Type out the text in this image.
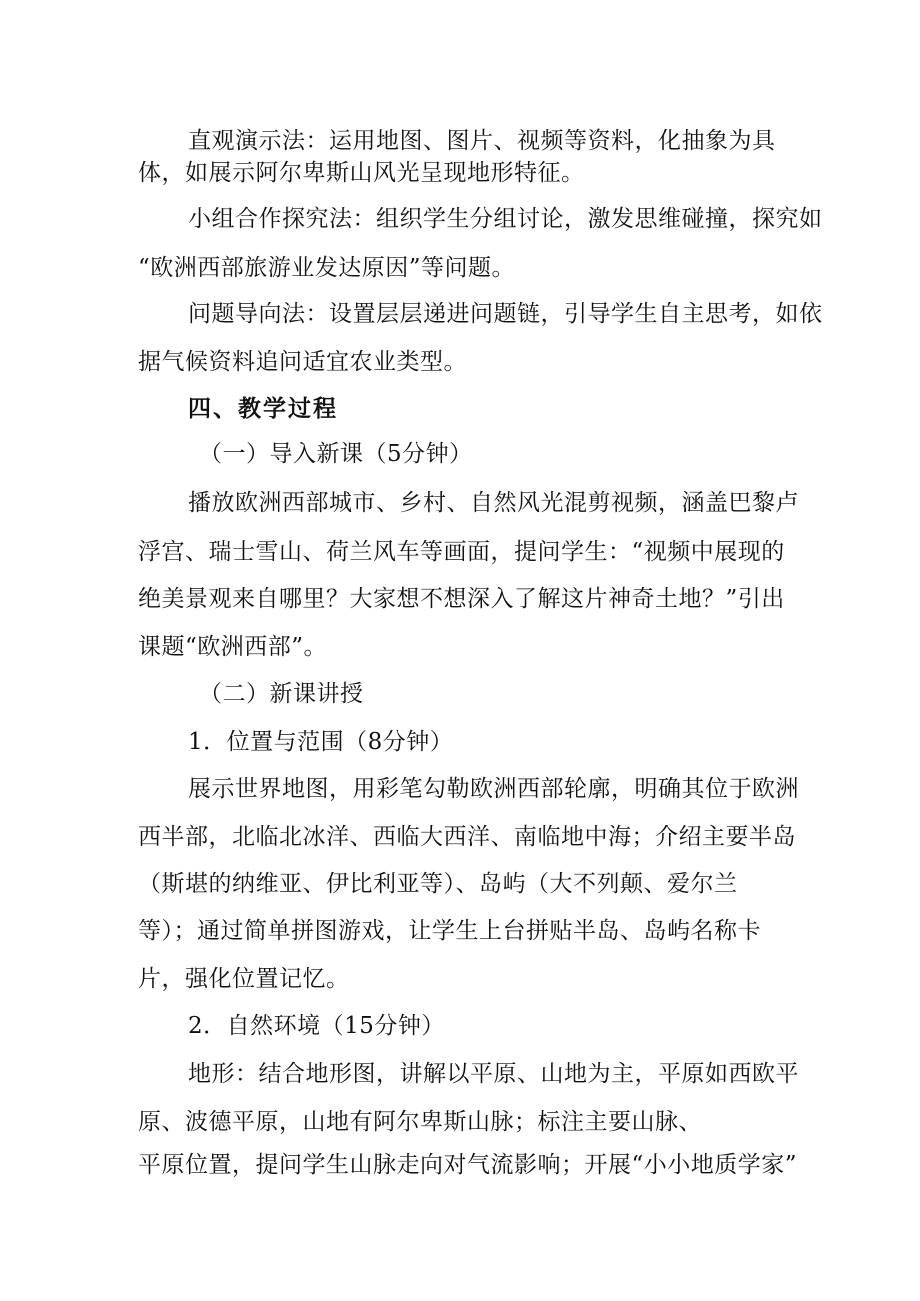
直观演示法：运用地图、图片、视频等资料，化抽象为具

体，如展示阿尔卑斯山风光呈现地形特征。

小组合作探究法：组织学生分组讨论，激发思维碰撞，探究如

“欧洲西部旅游业发达原因”等问题。

问题导向法：设置层层递进问题链，引导学生自主思考，如依

据气候资料追问适宜农业类型。

四、教学过程

（一）导入新课（5分钟）

播放欧洲西部城市、乡村、自然风光混剪视频，涵盖巴黎卢

浮宫、瑞士雪山、荷兰风车等画面，提问学生：“视频中展现的

绝美景观来自哪里？大家想不想深入了解这片神奇土地？”引出

课题“欧洲西部”。

（二）新课讲授

1．位置与范围（8分钟）

展示世界地图，用彩笔勾勒欧洲西部轮廓，明确其位于欧洲

西半部，北临北冰洋、西临大西洋、南临地中海；介绍主要半岛

（斯堪的纳维亚、伊比利亚等）、岛屿（大不列颠、爱尔兰

等）；通过简单拼图游戏，让学生上台拼贴半岛、岛屿名称卡

片，强化位置记忆。

2．自然环境（15分钟）

地形：结合地形图，讲解以平原、山地为主，平原如西欧平

原、波德平原，山地有阿尔卑斯山脉；标注主要山脉、

平原位置，提问学生山脉走向对气流影响；开展“小小地质学家”
